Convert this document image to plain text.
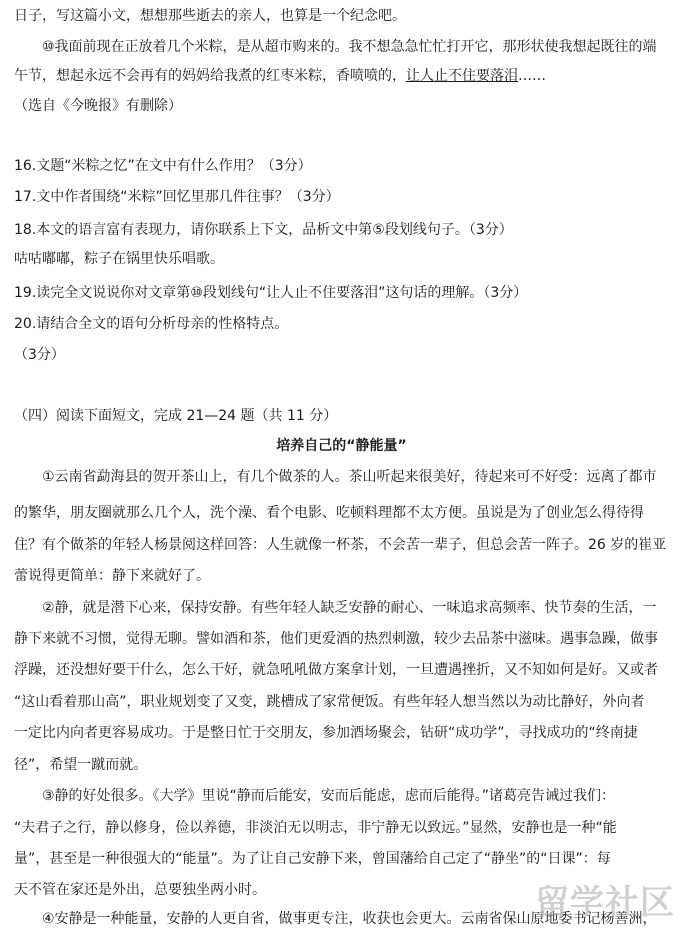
日子，写这篇小文，想想那些逝去的亲人，也算是一个纪念吧。
⑩我面前现在正放着几个米粽，是从超市购来的。我不想急急忙忙打开它，那形状使我想起既往的端
午节，想起永远不会再有的妈妈给我煮的红枣米粽，香喷喷的，让人止不住要落泪……
（选自《今晚报》有删除）
16.文题“米粽之忆”在文中有什么作用？（3分）
17.文中作者围绕“米粽”回忆里那几件往事？（3分）
18.本文的语言富有表现力，请你联系上下文，品析文中第⑤段划线句子。（3分）
咕咕嘟嘟，粽子在锅里快乐唱歌。
19.读完全文说说你对文章第⑩段划线句“让人止不住要落泪”这句话的理解。（3分）
20.请结合全文的语句分析母亲的性格特点。
（3分）
（四）阅读下面短文，完成 21—24 题（共 11 分）
培养自己的“静能量”
①云南省勐海县的贺开茶山上，有几个做茶的人。茶山听起来很美好，待起来可不好受：远离了都市
的繁华，朋友圈就那么几个人，洗个澡、看个电影、吃顿料理都不太方便。虽说是为了创业怎么得待得
住？有个做茶的年轻人杨景阅这样回答：人生就像一杯茶，不会苦一辈子，但总会苦一阵子。26 岁的崔亚
蕾说得更简单：静下来就好了。
②静，就是潜下心来，保持安静。有些年轻人缺乏安静的耐心、一味追求高频率、快节奏的生活，一
静下来就不习惯，觉得无聊。譬如酒和茶，他们更爱酒的热烈刺激，较少去品茶中滋味。遇事急躁，做事
浮躁，还没想好要干什么，怎么干好，就急吼吼做方案拿计划，一旦遭遇挫折，又不知如何是好。又或者
“这山看着那山高”，职业规划变了又变，跳槽成了家常便饭。有些年轻人想当然以为动比静好，外向者
一定比内向者更容易成功。于是整日忙于交朋友，参加酒场聚会，钻研“成功学”，寻找成功的“终南捷
径”，希望一蹴而就。
③静的好处很多。《大学》里说“静而后能安，安而后能虑，虑而后能得。”诸葛亮告诫过我们：
“夫君子之行，静以修身，俭以养德，非淡泊无以明志，非宁静无以致远。”显然，安静也是一种“能
量”，甚至是一种很强大的“能量”。为了让自己安静下来，曾国藩给自己定了“静坐”的“日课”：每
天不管在家还是外出，总要独坐两小时。
④安静是一种能量，安静的人更自省，做事更专注，收获也会更大。云南省保山原地委书记杨善洲，
留学社区
